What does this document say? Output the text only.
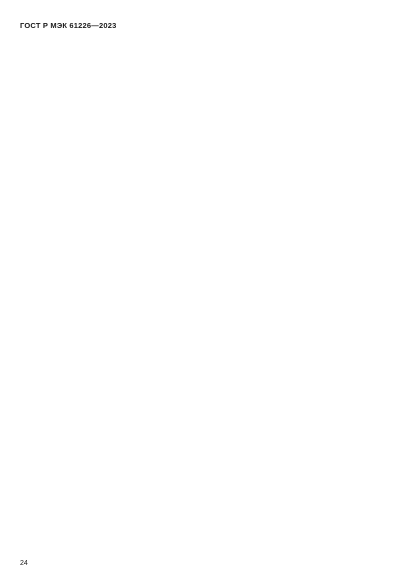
ГОСТ Р МЭК 61226—2023

24
